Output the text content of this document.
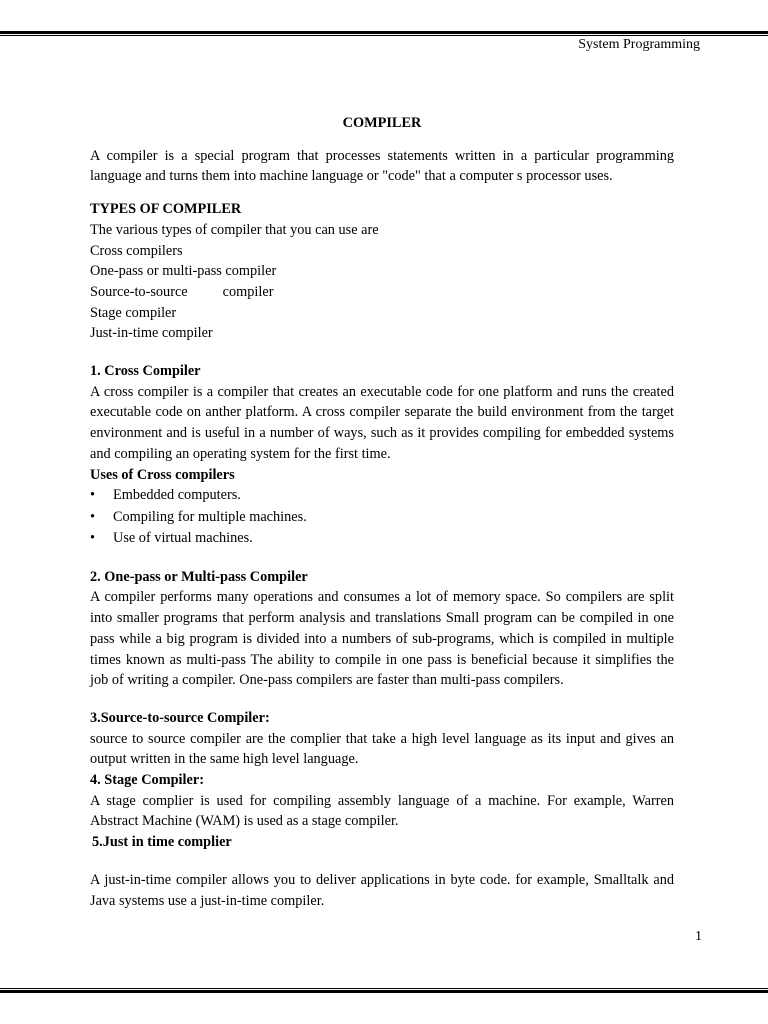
System Programming
COMPILER

A compiler is a special program that processes statements written in a particular programming language and turns them into machine language or "code" that a computer s processor uses.

TYPES OF COMPILER
The various types of compiler that you can use are
Cross compilers
One-pass or multi-pass compiler
Source-to-source compiler
Stage compiler
Just-in-time compiler
1. Cross Compiler

A cross compiler is a compiler that creates an executable code for one platform and runs the created executable code on anther platform. A cross compiler separate the build environment from the target environment and is useful in a number of ways, such as it provides compiling for embedded systems and compiling an operating system for the first time.

Uses of Cross compilers
• Embedded computers.
• Compiling for multiple machines.
• Use of virtual machines.
2. One-pass or Multi-pass Compiler

A compiler performs many operations and consumes a lot of memory space. So compilers are split into smaller programs that perform analysis and translations Small program can be compiled in one pass while a big program is divided into a numbers of sub-programs, which is compiled in multiple times known as multi-pass The ability to compile in one pass is beneficial because it simplifies the job of writing a compiler. One-pass compilers are faster than multi-pass compilers.

3.Source-to-source Compiler:

source to source compiler are the complier that take a high level language as its input and gives an output written in the same high level language.

4. Stage Compiler:

A stage complier is used for compiling assembly language of a machine. For example, Warren Abstract Machine (WAM) is used as a stage compiler.

5.Just in time complier

A just-in-time compiler allows you to deliver applications in byte code. for example, Smalltalk and Java systems use a just-in-time compiler.

1
